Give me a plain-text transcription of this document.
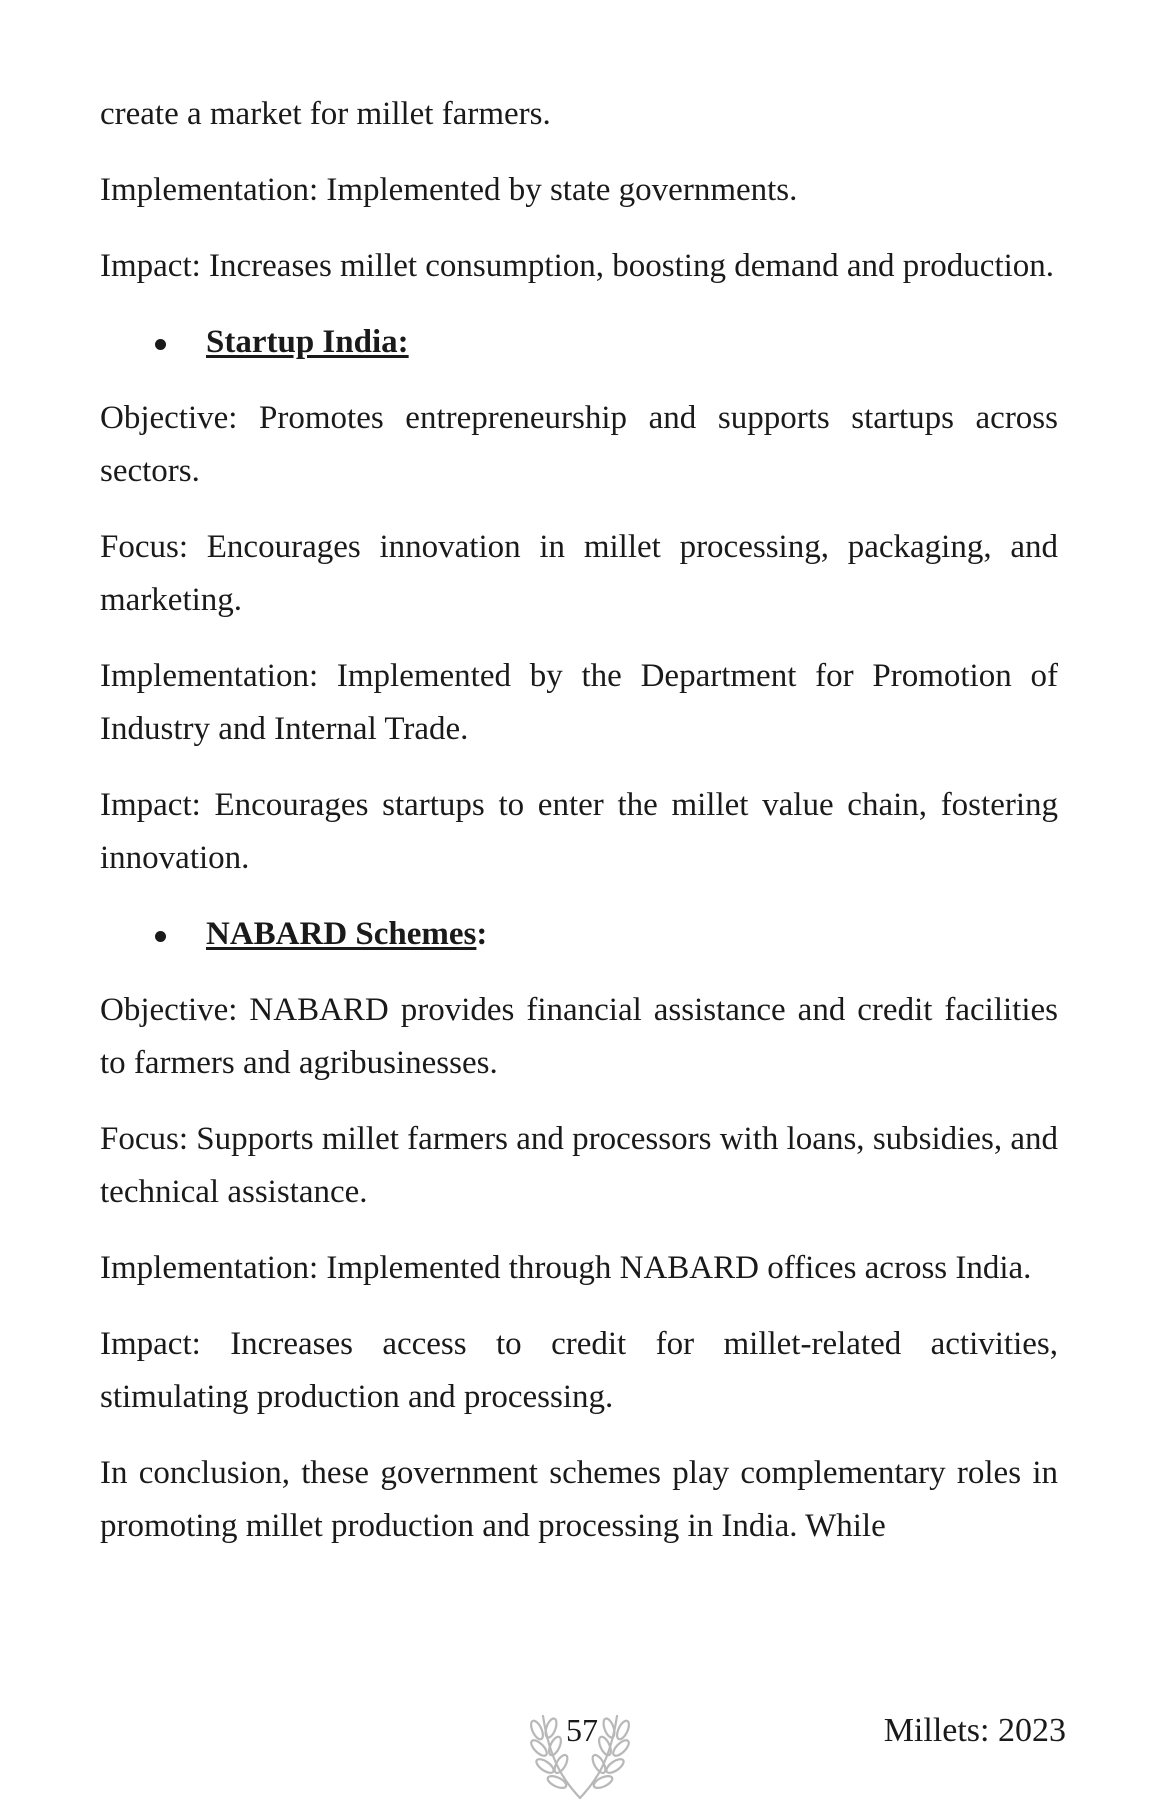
create a market for millet farmers.

Implementation: Implemented by state governments.

Impact: Increases millet consumption, boosting demand and production.

Startup India:

Objective: Promotes entrepreneurship and supports startups across sectors.

Focus: Encourages innovation in millet processing, packaging, and marketing.

Implementation: Implemented by the Department for Promotion of Industry and Internal Trade.

Impact: Encourages startups to enter the millet value chain, fostering innovation.

NABARD Schemes:

Objective: NABARD provides financial assistance and credit facilities to farmers and agribusinesses.

Focus: Supports millet farmers and processors with loans, subsidies, and technical assistance.

Implementation: Implemented through NABARD offices across India.

Impact: Increases access to credit for millet-related activities, stimulating production and processing.

In conclusion, these government schemes play complementary roles in promoting millet production and processing in India. While

57	Millets: 2023
